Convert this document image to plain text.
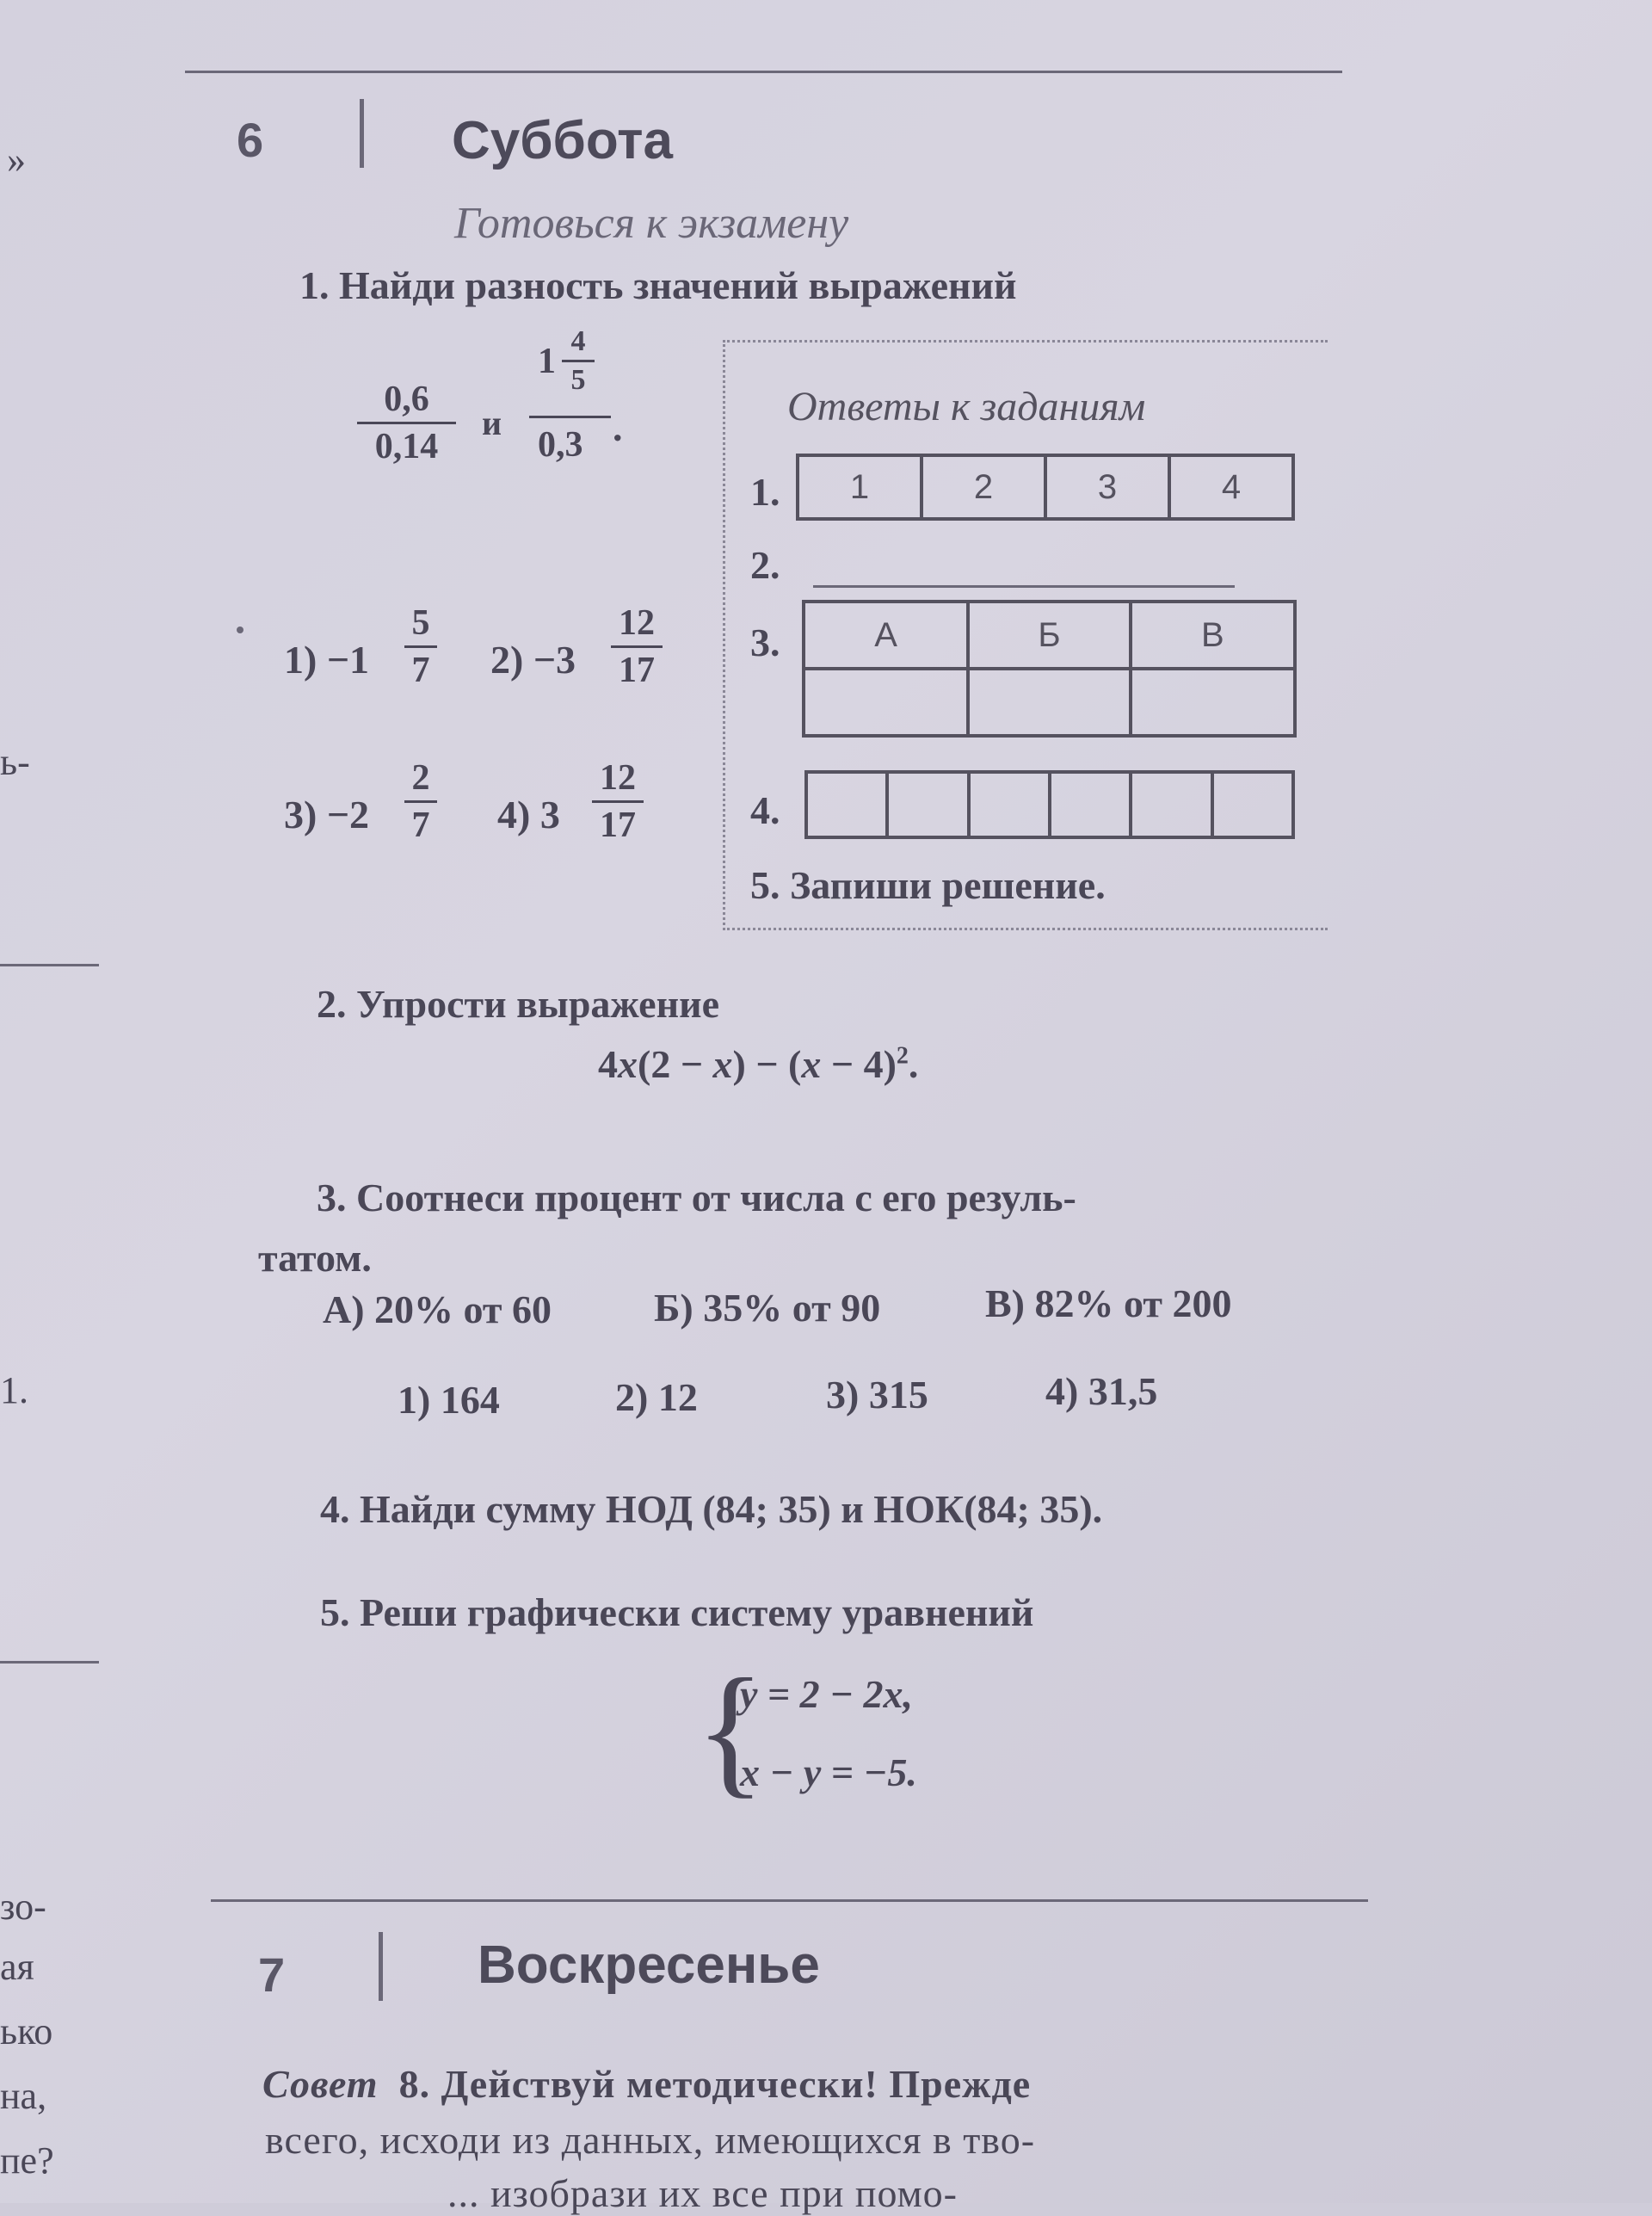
»
ь-
1.
зо-
ая
ько
на,
пе?
6	Суббота
Готовься к экзамену
1. Найди разность значений выражений
0,6
0,14
и
1
4
5
0,3 .
1) −1
5
7 2) −3
12
17
3) −2
2
7 4) 3
12
17
Ответы к заданиям
1. 1	2	3	4
2.
3.	А	Б	В

4.

5. Запиши решение.
2. Упрости выражение
$4x(2 - x) - (x - 4)^2$.
3. Соотнеси процент от числа с его резуль-
татом.
А) 20% от 60	Б) 35% от 90	В) 82% от 200
1) 164	2) 12	3) 315	4) 31,5
4. Найди сумму НОД (84; 35) и НОК(84; 35).
5. Реши графически систему уравнений
{
y = 2 − 2x,
x − y = −5.
7	Воскресенье
Совет 8. Действуй методически! Прежде
всего, исходи из данных, имеющихся в тво-
... изобрази их все при помо-
